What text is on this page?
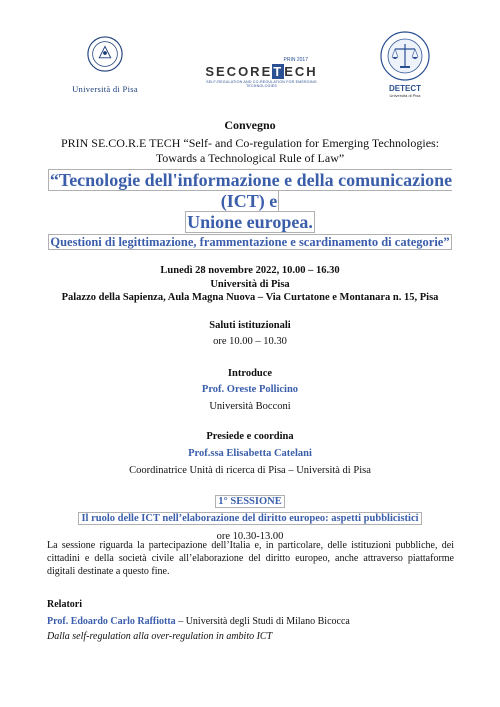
Università di Pisa
PRIN 2017
SECORETECH
SELF-REGULATION AND CO-REGULATION FOR EMERGING TECHNOLOGIES	DETECT
Università di Pisa
Convegno
PRIN SE.CO.R.E TECH “Self- and Co-regulation for Emerging Technologies:
Towards a Technological Rule of Law”
“Tecnologie dell'informazione e della comunicazione (ICT) e
Unione europea.
Questioni di legittimazione, frammentazione e scardinamento di categorie”
Lunedì 28 novembre 2022, 10.00 – 16.30
Università di Pisa
Palazzo della Sapienza, Aula Magna Nuova – Via Curtatone e Montanara n. 15, Pisa
Saluti istituzionali
ore 10.00 – 10.30
Introduce
Prof. Oreste Pollicino
Università Bocconi
Presiede e coordina
Prof.ssa Elisabetta Catelani
Coordinatrice Unità di ricerca di Pisa – Università di Pisa
1° SESSIONE
Il ruolo delle ICT nell’elaborazione del diritto europeo: aspetti pubblicistici
ore 10.30-13.00
La sessione riguarda la partecipazione dell’Italia e, in particolare, delle istituzioni pubbliche, dei cittadini e della società civile all’elaborazione del diritto europeo, anche attraverso piattaforme digitali destinate a questo fine.
Relatori
Prof. Edoardo Carlo Raffiotta – Università degli Studi di Milano Bicocca
Dalla self-regulation alla over-regulation in ambito ICT
